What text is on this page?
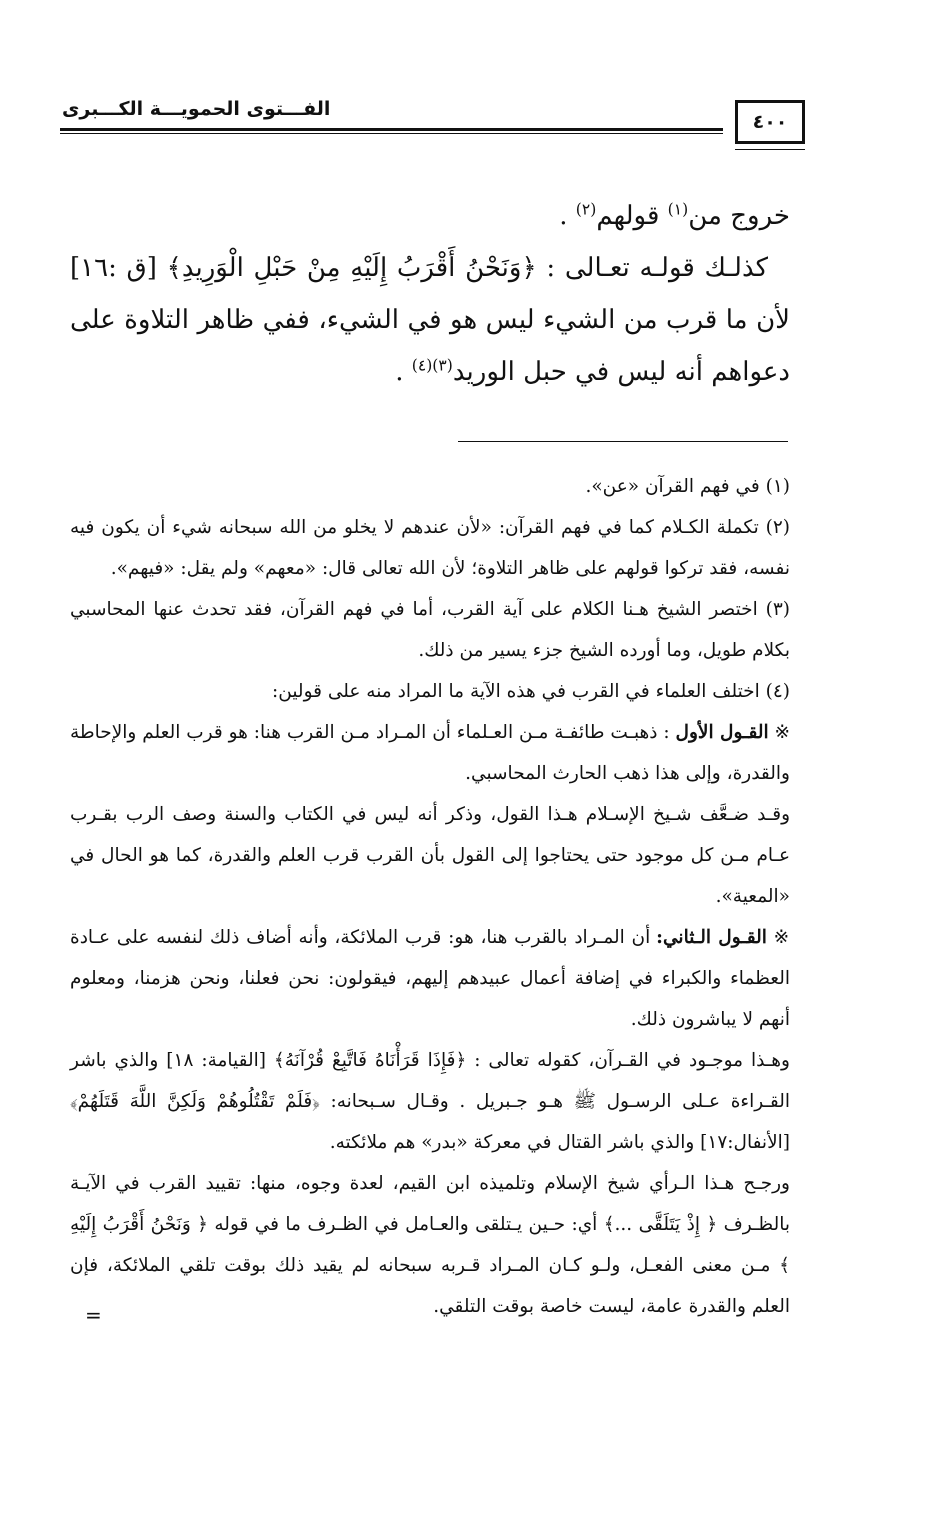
الفـــتوى الحمويـــة الكـــبرى
٤٠٠

خروج من$^{(١)}$ قولهم$^{(٢)}$ .

كذلـك قولـه تعـالى : ﴿وَنَحْنُ أَقْرَبُ إِلَيْهِ مِنْ حَبْلِ الْوَرِيدِ﴾ [ق :١٦] لأن ما قرب من الشيء ليس هو في الشيء، ففي ظاهر التلاوة على دعواهم أنه ليس في حبل الوريد$^{(٣)(٤)}$ .

(١) في فهم القرآن «عن».

(٢) تكملة الكـلام كما في فهم القرآن: «لأن عندهم لا يخلو من الله سبحانه شيء أن يكون فيه نفسه، فقد تركوا قولهم على ظاهر التلاوة؛ لأن الله تعالى قال: «معهم» ولم يقل: «فيهم».

(٣) اختصر الشيخ هـنا الكلام على آية القرب، أما في فهم القرآن، فقد تحدث عنها المحاسبي بكلام طويل، وما أورده الشيخ جزء يسير من ذلك.

(٤) اختلف العلماء في القرب في هذه الآية ما المراد منه على قولين:

※ القـول الأول : ذهبـت طائفـة مـن العـلماء أن المـراد مـن القرب هنا: هو قرب العلم والإحاطة والقدرة، وإلى هذا ذهب الحارث المحاسبي.

وقـد ضـعَّف شـيخ الإسـلام هـذا القول، وذكر أنه ليس في الكتاب والسنة وصف الرب بقـرب عـام مـن كل موجود حتى يحتاجوا إلى القول بأن القرب قرب العلم والقدرة، كما هو الحال في «المعية».

※ القـول الـثاني: أن المـراد بالقرب هنا، هو: قرب الملائكة، وأنه أضاف ذلك لنفسه على عـادة العظماء والكبراء في إضافة أعمال عبيدهم إليهم، فيقولون: نحن فعلنا، ونحن هزمنا، ومعلوم أنهم لا يباشرون ذلك.

وهـذا موجـود في القـرآن، كقوله تعالى : ﴿فَإِذَا قَرَأْنَاهُ فَاتَّبِعْ قُرْآنَهُ﴾ [القيامة: ١٨] والذي باشر القـراءة عـلى الرسـول ﷺ هـو جـبريل . وقـال سـبحانه: ﴿فَلَمْ تَقْتُلُوهُمْ وَلَكِنَّ اللَّهَ قَتَلَهُمْ﴾ [الأنفال:١٧] والذي باشر القتال في معركة «بدر» هم ملائكته.

ورجـح هـذا الـرأي شيخ الإسلام وتلميذه ابن القيم، لعدة وجوه، منها: تقييد القرب في الآيـة بالظـرف ﴿ إِذْ يَتَلَقَّى ...﴾ أي: حـين يـتلقى والعـامل في الظـرف ما في قوله ﴿ وَنَحْنُ أَقْرَبُ إِلَيْهِ ﴾ مـن معنى الفعـل، ولـو كـان المـراد قـربه سبحانه لم يقيد ذلك بوقت تلقي الملائكة، فإن العلم والقدرة عامة، ليست خاصة بوقت التلقي.

=
